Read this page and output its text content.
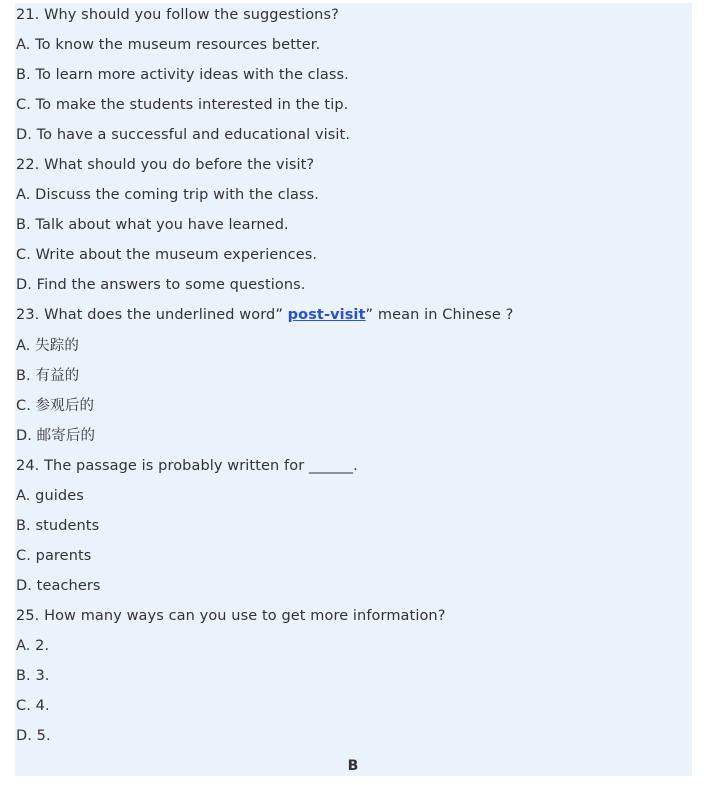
21. Why should you follow the suggestions?
A. To know the museum resources better.
B. To learn more activity ideas with the class.
C. To make the students interested in the tip.
D. To have a successful and educational visit.
22. What should you do before the visit?
A. Discuss the coming trip with the class.
B. Talk about what you have learned.
C. Write about the museum experiences.
D. Find the answers to some questions.
23. What does the underlined word” post-visit” mean in Chinese ?
A. 失踪的
B. 有益的
C. 参观后的
D. 邮寄后的
24. The passage is probably written for ______.
A. guides
B. students
C. parents
D. teachers
25. How many ways can you use to get more information?
A. 2.
B. 3.
C. 4.
D. 5.
B
